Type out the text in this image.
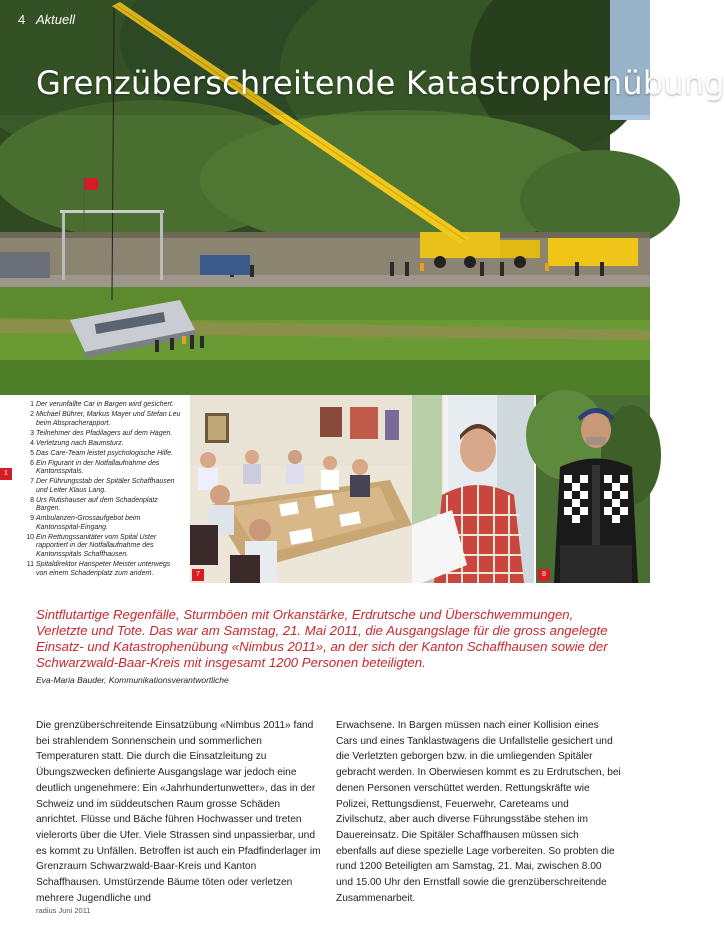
4 Aktuell
Grenzüberschreitende Katastrophenübung
1
1 Der verunfallte Car in Bargen wird gesichert.
2 Michael Bührer, Markus Mayer und Stefan Leu beim Abspracherapport.
3 Teilnehmer des Pfadilagers auf dem Hagen.
4 Verletzung nach Baumsturz.
5 Das Care-Team leistet psychologische Hilfe.
6 Ein Figurant in der Notfallaufnahme des Kantonsspitals.
7 Der Führungsstab der Spitäler Schaffhausen und Leiter Klaus Lang.
8 Urs Rutishauser auf dem Schadenplatz Bargen.
9 Ambulanzen-Grossaufgebot beim Kantonsspital-Eingang.
10 Ein Rettungssanitäter vom Spital Uster rapportiert in der Notfallaufnahme des Kantonsspitals Schaffhausen.
11 Spitaldirektor Hanspeter Meister unterwegs von einem Schadenplatz zum andern.	7	8

Sintflutartige Regenfälle, Sturmböen mit Orkanstärke, Erdrutsche und Überschwemmungen, Verletzte und Tote. Das war am Samstag, 21. Mai 2011, die Ausgangslage für die gross angelegte Einsatz- und Katastrophenübung «Nimbus 2011», an der sich der Kanton Schaffhausen sowie der Schwarzwald-Baar-Kreis mit insgesamt 1200 Personen beteiligten.

Eva-Maria Bauder, Kommunikationsverantwortliche

Die grenzüberschreitende Einsatzübung «Nimbus 2011» fand bei strahlendem Sonnenschein und sommerlichen Temperaturen statt. Die durch die Einsatzleitung zu Übungszwecken definierte Ausgangslage war jedoch eine deutlich ungenehmere: Ein «Jahrhundertunwetter», das in der Schweiz und im süddeutschen Raum grosse Schäden anrichtet. Flüsse und Bäche führen Hochwasser und treten vielerorts über die Ufer. Viele Strassen sind unpassierbar, und es kommt zu Unfällen. Betroffen ist auch ein Pfadfinderlager im Grenzraum Schwarzwald-Baar-Kreis und Kanton Schaffhausen. Umstürzende Bäume töten oder verletzen mehrere Jugendliche und

Erwachsene. In Bargen müssen nach einer Kollision eines Cars und eines Tanklastwagens die Unfallstelle gesichert und die Verletzten geborgen bzw. in die umliegenden Spitäler gebracht werden. In Oberwiesen kommt es zu Erdrutschen, bei denen Personen verschüttet werden. Rettungskräfte wie Polizei, Rettungsdienst, Feuerwehr, Careteams und Zivilschutz, aber auch diverse Führungsstäbe stehen im Dauereinsatz. Die Spitäler Schaffhausen müssen sich ebenfalls auf diese spezielle Lage vorbereiten. So probten die rund 1200 Beteiligten am Samstag, 21. Mai, zwischen 8.00 und 15.00 Uhr den Ernstfall sowie die grenzüberschreitende Zusammenarbeit.

radius Juni 2011
